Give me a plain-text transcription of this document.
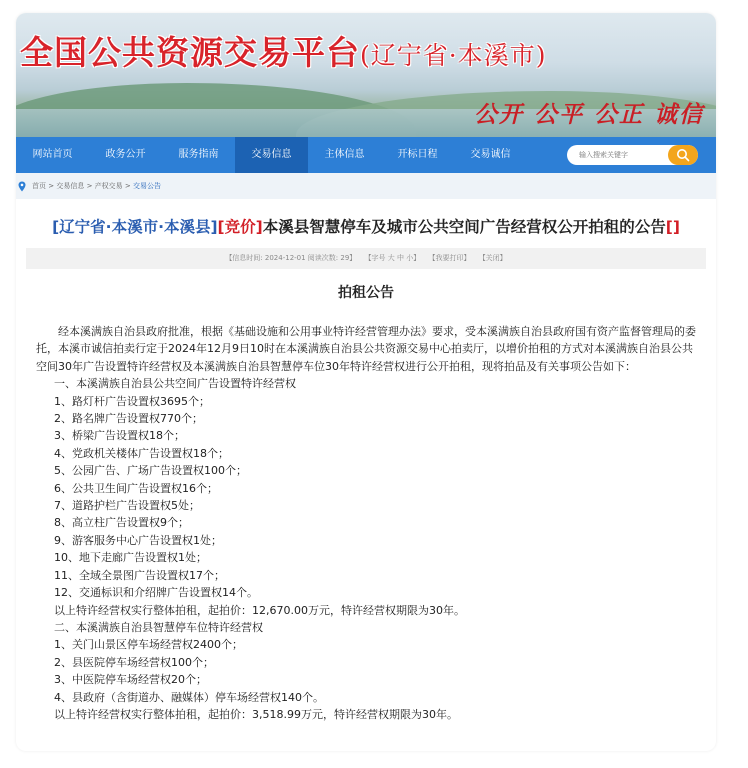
全国公共资源交易平台(辽宁省·本溪市)
公开 公平 公正 诚信
网站首页	政务公开	服务指南	交易信息	主体信息	开标日程	交易诚信
输入搜索关键字
首页
>
交易信息
>
产权交易
>
交易公告
[辽宁省·本溪市·本溪县][竞价]本溪县智慧停车及城市公共空间广告经营权公开拍租的公告[]
【信息时间: 2024-12-01 阅读次数: 29】 【字号 大 中 小】 【我要打印】 【关闭】
拍租公告

经本溪满族自治县政府批准，根据《基础设施和公用事业特许经营管理办法》要求，受本溪满族自治县政府国有资产监督管理局的委托，本溪市诚信拍卖行定于2024年12月9日10时在本溪满族自治县公共资源交易中心拍卖厅，以增价拍租的方式对本溪满族自治县公共空间30年广告设置特许经营权及本溪满族自治县智慧停车位30年特许经营权进行公开拍租，现将拍品及有关事项公告如下：

一、本溪满族自治县公共空间广告设置特许经营权

1、路灯杆广告设置权3695个；

2、路名牌广告设置权770个；

3、桥梁广告设置权18个；

4、党政机关楼体广告设置权18个；

5、公园广告、广场广告设置权100个；

6、公共卫生间广告设置权16个；

7、道路护栏广告设置权5处；

8、高立柱广告设置权9个；

9、游客服务中心广告设置权1处；

10、地下走廊广告设置权1处；

11、全域全景图广告设置权17个；

12、交通标识和介绍牌广告设置权14个。

以上特许经营权实行整体拍租，起拍价：12,670.00万元，特许经营权期限为30年。

二、本溪满族自治县智慧停车位特许经营权

1、关门山景区停车场经营权2400个；

2、县医院停车场经营权100个；

3、中医院停车场经营权20个；

4、县政府（含街道办、融媒体）停车场经营权140个。

以上特许经营权实行整体拍租，起拍价：3,518.99万元，特许经营权期限为30年。
